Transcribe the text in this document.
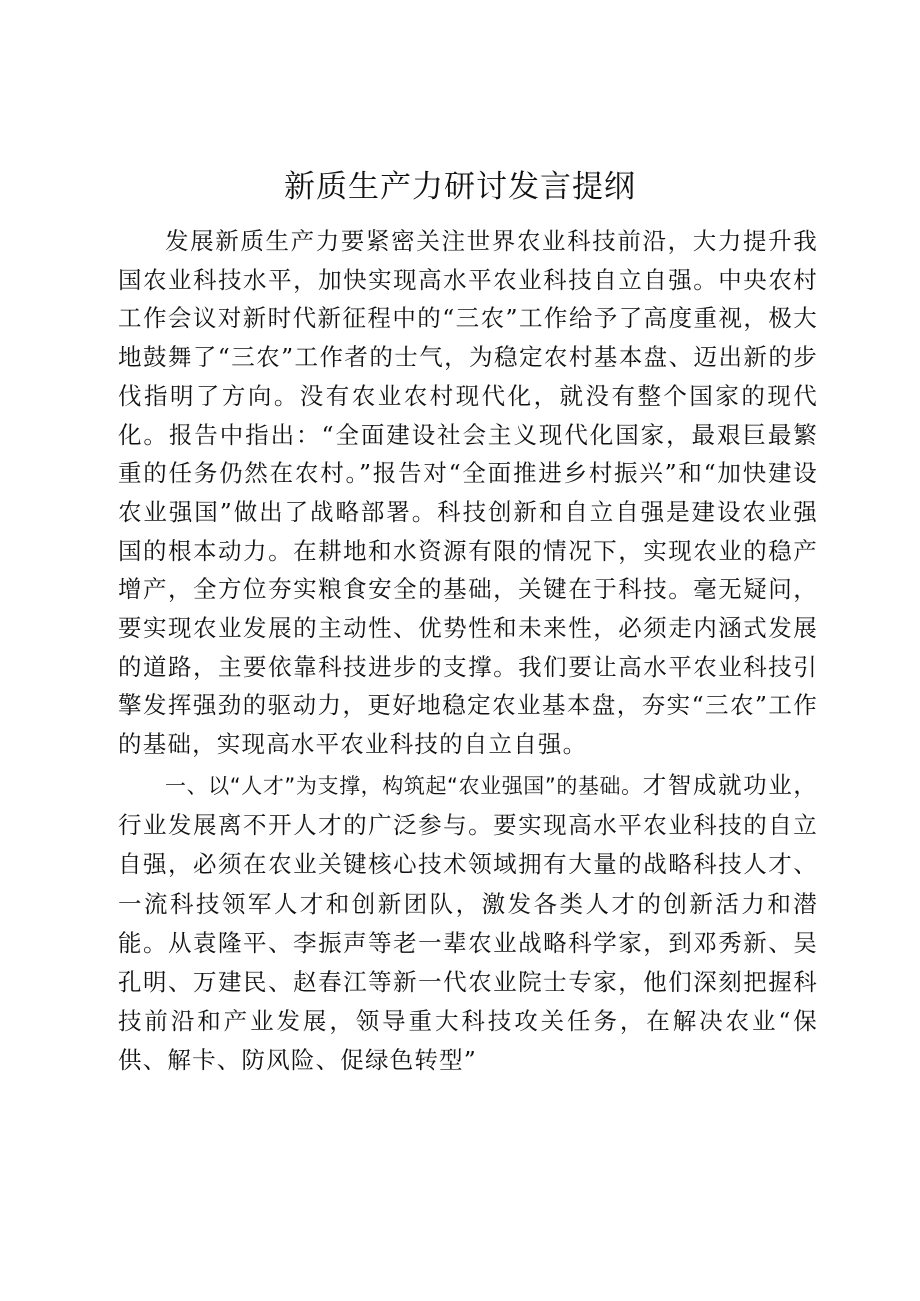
新质生产力研讨发言提纲

发展新质生产力要紧密关注世界农业科技前沿，大力提升我国农业科技水平，加快实现高水平农业科技自立自强。中央农村工作会议对新时代新征程中的“三农”工作给予了高度重视，极大地鼓舞了“三农”工作者的士气，为稳定农村基本盘、迈出新的步伐指明了方向。没有农业农村现代化，就没有整个国家的现代化。报告中指出：“全面建设社会主义现代化国家，最艰巨最繁重的任务仍然在农村。”报告对“全面推进乡村振兴”和“加快建设农业强国”做出了战略部署。科技创新和自立自强是建设农业强国的根本动力。在耕地和水资源有限的情况下，实现农业的稳产增产，全方位夯实粮食安全的基础，关键在于科技。毫无疑问，要实现农业发展的主动性、优势性和未来性，必须走内涵式发展的道路，主要依靠科技进步的支撑。我们要让高水平农业科技引擎发挥强劲的驱动力，更好地稳定农业基本盘，夯实“三农”工作的基础，实现高水平农业科技的自立自强。

一、以“人才”为支撑，构筑起“农业强国”的基础。才智成就功业，行业发展离不开人才的广泛参与。要实现高水平农业科技的自立自强，必须在农业关键核心技术领域拥有大量的战略科技人才、一流科技领军人才和创新团队，激发各类人才的创新活力和潜能。从袁隆平、李振声等老一辈农业战略科学家，到邓秀新、吴孔明、万建民、赵春江等新一代农业院士专家，他们深刻把握科技前沿和产业发展，领导重大科技攻关任务，在解决农业“保供、解卡、防风险、促绿色转型”
